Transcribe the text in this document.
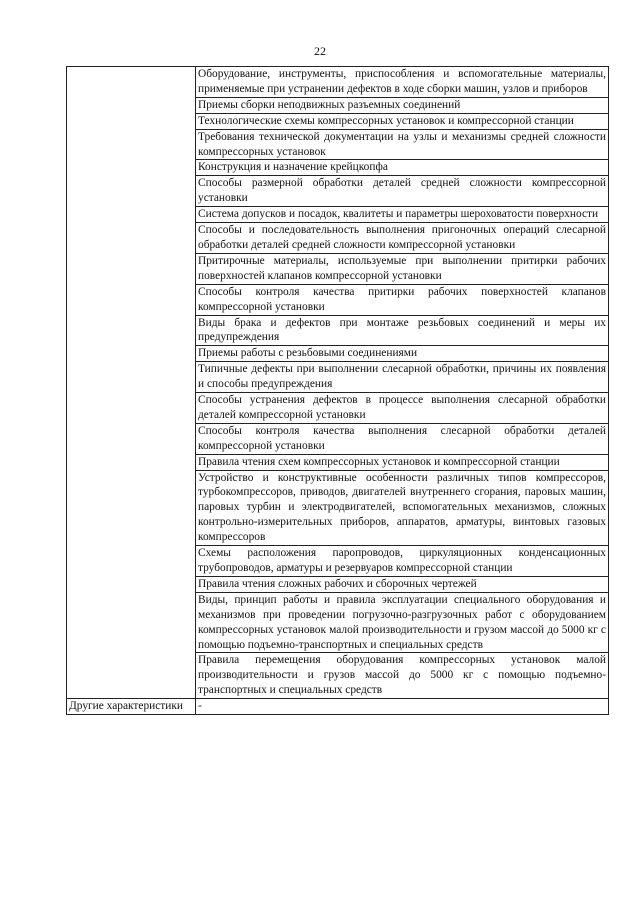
22
	Оборудование, инструменты, приспособления и вспомогательные материалы, применяемые при устранении дефектов в ходе сборки машин, узлов и приборов
	Приемы сборки неподвижных разъемных соединений
	Технологические схемы компрессорных установок и компрессорной станции
	Требования технической документации на узлы и механизмы средней сложности компрессорных установок
	Конструкция и назначение крейцкопфа
	Способы размерной обработки деталей средней сложности компрессорной установки
	Система допусков и посадок, квалитеты и параметры шероховатости поверхности
	Способы и последовательность выполнения пригоночных операций слесарной обработки деталей средней сложности компрессорной установки
	Притирочные материалы, используемые при выполнении притирки рабочих поверхностей клапанов компрессорной установки
	Способы контроля качества притирки рабочих поверхностей клапанов компрессорной установки
	Виды брака и дефектов при монтаже резьбовых соединений и меры их предупреждения
	Приемы работы с резьбовыми соединениями
	Типичные дефекты при выполнении слесарной обработки, причины их появления и способы предупреждения
	Способы устранения дефектов в процессе выполнения слесарной обработки деталей компрессорной установки
	Способы контроля качества выполнения слесарной обработки деталей компрессорной установки
	Правила чтения схем компрессорных установок и компрессорной станции
	Устройство и конструктивные особенности различных типов компрессоров, турбокомпрессоров, приводов, двигателей внутреннего сгорания, паровых машин, паровых турбин и электродвигателей, вспомогательных механизмов, сложных контрольно-измерительных приборов, аппаратов, арматуры, винтовых газовых компрессоров
	Схемы расположения паропроводов, циркуляционных конденсационных трубопроводов, арматуры и резервуаров компрессорной станции
	Правила чтения сложных рабочих и сборочных чертежей
	Виды, принцип работы и правила эксплуатации специального оборудования и механизмов при проведении погрузочно-разгрузочных работ с оборудованием компрессорных установок малой производительности и грузом массой до 5000 кг с помощью подъемно-транспортных и специальных средств
	Правила перемещения оборудования компрессорных установок малой производительности и грузов массой до 5000 кг с помощью подъемно-транспортных и специальных средств
Другие характеристики	-
